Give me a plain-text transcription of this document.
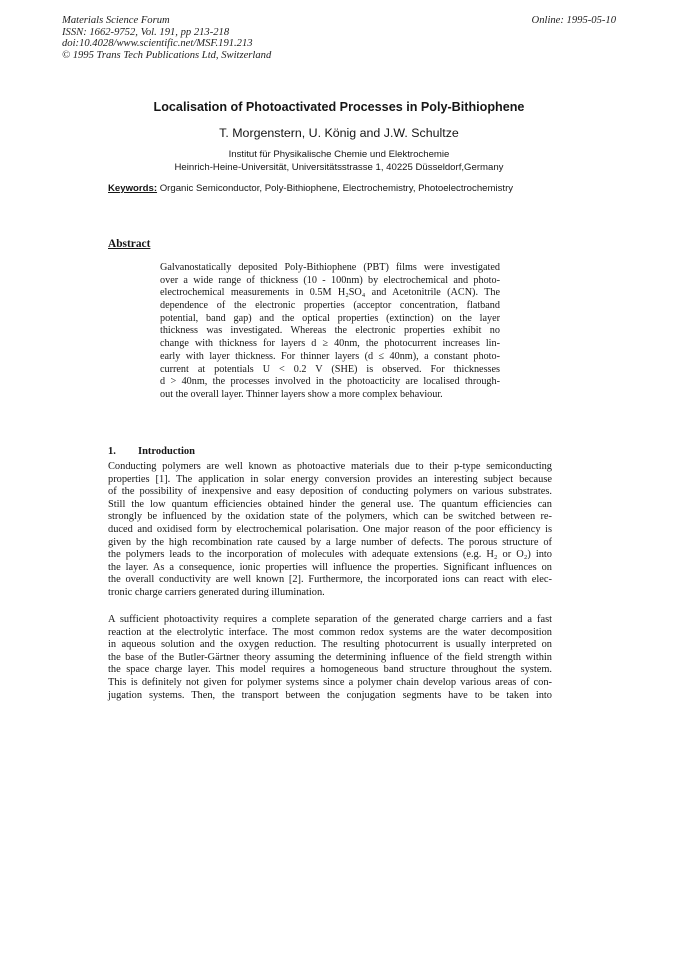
Materials Science Forum
ISSN: 1662-9752, Vol. 191, pp 213-218
doi:10.4028/www.scientific.net/MSF.191.213
© 1995 Trans Tech Publications Ltd, Switzerland
Online: 1995-05-10
Localisation of Photoactivated Processes in Poly-Bithiophene
T. Morgenstern, U. König and J.W. Schultze
Institut für Physikalische Chemie und Elektrochemie
Heinrich-Heine-Universität, Universitätsstrasse 1, 40225 Düsseldorf,Germany
Keywords: Organic Semiconductor, Poly-Bithiophene, Electrochemistry, Photoelectrochemistry
Abstract
Galvanostatically deposited Poly-Bithiophene (PBT) films were investigated
over a wide range of thickness (10 - 100nm) by electrochemical and photo-
electrochemical measurements in 0.5M H₂SO₄ and Acetonitrile (ACN). The
dependence of the electronic properties (acceptor concentration, flatband
potential, band gap) and the optical properties (extinction) on the layer
thickness was investigated. Whereas the electronic properties exhibit no
change with thickness for layers d ≥ 40nm, the photocurrent increases lin-
early with layer thickness. For thinner layers (d ≤ 40nm), a constant photo-
current at potentials U < 0.2 V (SHE) is observed. For thicknesses
d > 40nm, the processes involved in the photoacticity are localised through-
out the overall layer. Thinner layers show a more complex behaviour.
1. Introduction
Conducting polymers are well known as photoactive materials due to their p-type semiconducting
properties [1]. The application in solar energy conversion provides an interesting subject because
of the possibility of inexpensive and easy deposition of conducting polymers on various substrates.
Still the low quantum efficiencies obtained hinder the general use. The quantum efficiencies can
strongly be influenced by the oxidation state of the polymers, which can be switched between re-
duced and oxidised form by electrochemical polarisation. One major reason of the poor efficiency is
given by the high recombination rate caused by a large number of defects. The porous structure of
the polymers leads to the incorporation of molecules with adequate extensions (e.g. H₂ or O₂) into
the layer. As a consequence, ionic properties will influence the properties. Significant influences on
the overall conductivity are well known [2]. Furthermore, the incorporated ions can react with elec-
tronic charge carriers generated during illumination.
A sufficient photoactivity requires a complete separation of the generated charge carriers and a fast
reaction at the electrolytic interface. The most common redox systems are the water decomposition
in aqueous solution and the oxygen reduction. The resulting photocurrent is usually interpreted on
the base of the Butler-Gärtner theory assuming the determining influence of the field strength within
the space charge layer. This model requires a homogeneous band structure throughout the system.
This is definitely not given for polymer systems since a polymer chain develop various areas of con-
jugation systems. Then, the transport between the conjugation segments have to be taken into
